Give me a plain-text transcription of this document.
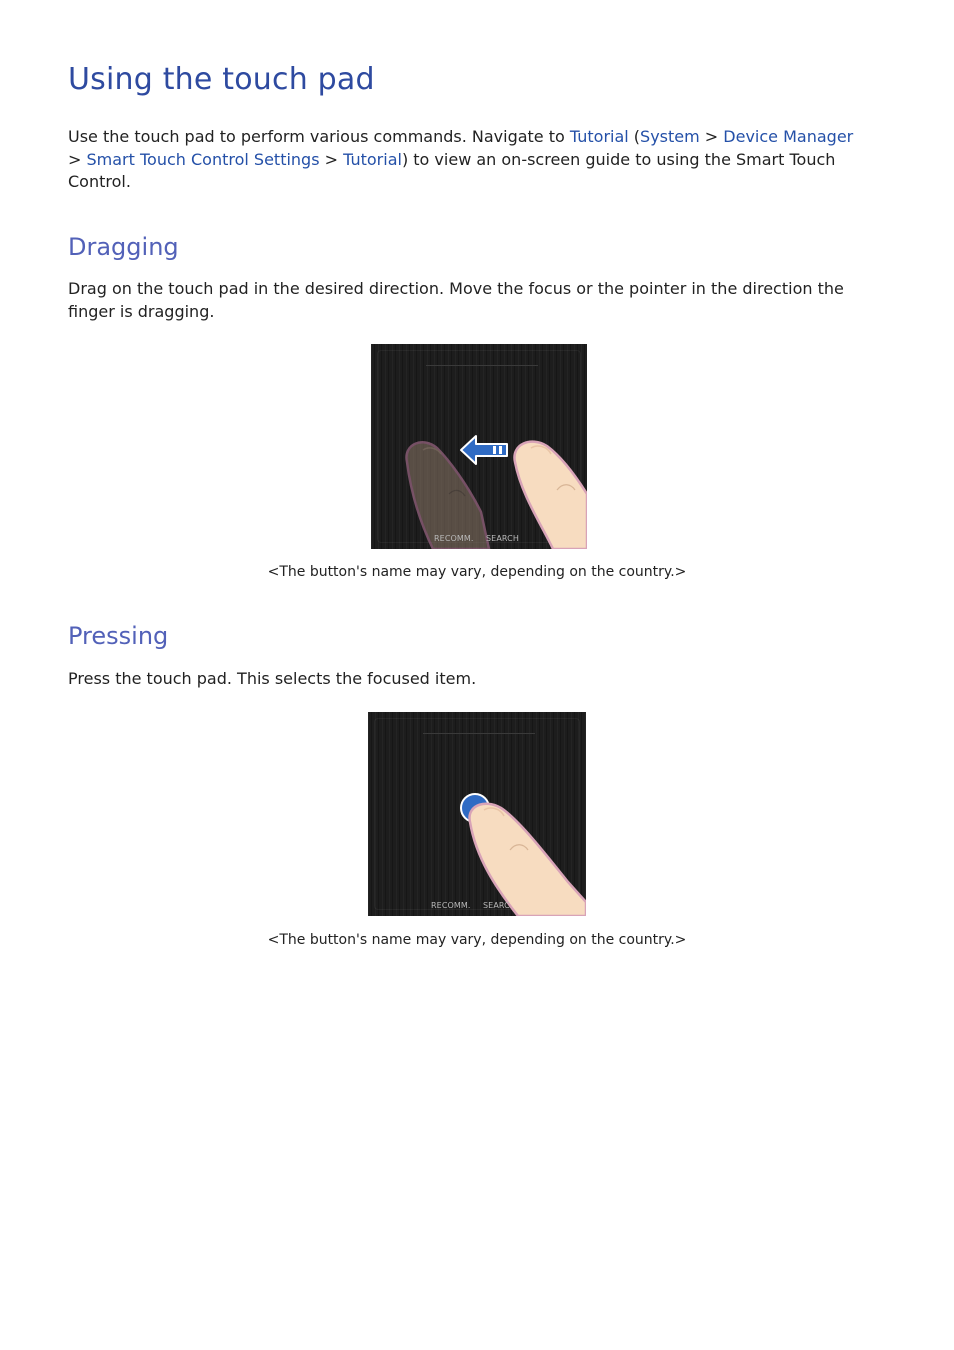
Using the touch pad

Use the touch pad to perform various commands. Navigate to Tutorial (System > Device Manager
> Smart Touch Control Settings > Tutorial) to view an on-screen guide to using the Smart Touch Control.

Dragging

Drag on the touch pad in the desired direction. Move the focus or the pointer in the direction the finger is dragging.

<The button's name may vary, depending on the country.>

Pressing

Press the touch pad. This selects the focused item.

<The button's name may vary, depending on the country.>

RECOMM. SEARCH
RECOMM. SEARC
